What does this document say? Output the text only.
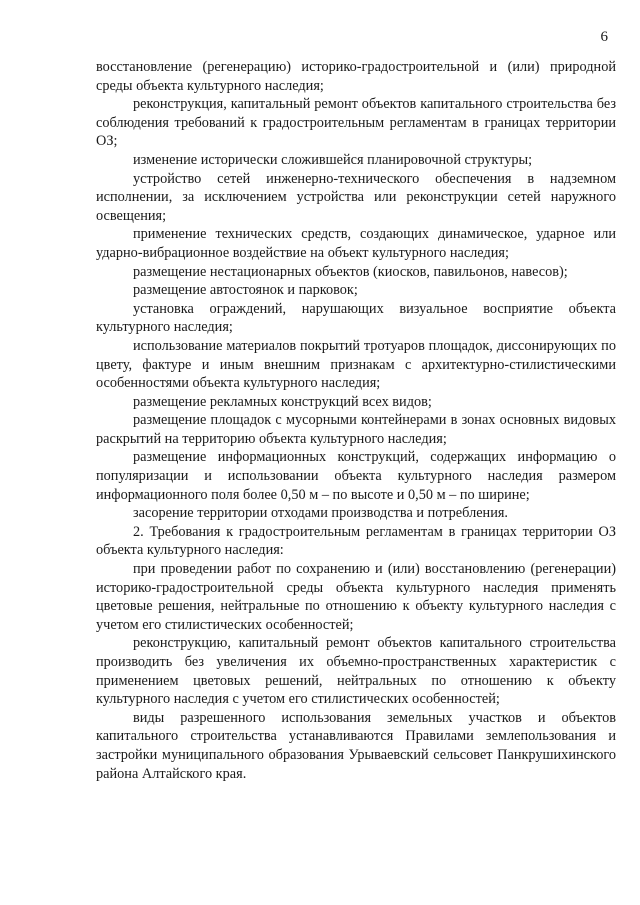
6

восстановление (регенерацию) историко-градостроительной и (или) природной среды объекта культурного наследия;

реконструкция, капитальный ремонт объектов капитального строительства без соблюдения требований к градостроительным регламентам в границах территории ОЗ;

изменение исторически сложившейся планировочной структуры;

устройство сетей инженерно-технического обеспечения в надземном исполнении, за исключением устройства или реконструкции сетей наружного освещения;

применение технических средств, создающих динамическое, ударное или ударно-вибрационное воздействие на объект культурного наследия;

размещение нестационарных объектов (киосков, павильонов, навесов);

размещение автостоянок и парковок;

установка ограждений, нарушающих визуальное восприятие объекта культурного наследия;

использование материалов покрытий тротуаров площадок, диссонирующих по цвету, фактуре и иным внешним признакам с архитектурно-стилистическими особенностями объекта культурного наследия;

размещение рекламных конструкций всех видов;

размещение площадок с мусорными контейнерами в зонах основных видовых раскрытий на территорию объекта культурного наследия;

размещение информационных конструкций, содержащих информацию о популяризации и использовании объекта культурного наследия размером информационного поля более 0,50 м – по высоте и 0,50 м – по ширине;

засорение территории отходами производства и потребления.

2. Требования к градостроительным регламентам в границах территории ОЗ объекта культурного наследия:

при проведении работ по сохранению и (или) восстановлению (регенерации) историко-градостроительной среды объекта культурного наследия применять цветовые решения, нейтральные по отношению к объекту культурного наследия с учетом его стилистических особенностей;

реконструкцию, капитальный ремонт объектов капитального строительства производить без увеличения их объемно-пространственных характеристик с применением цветовых решений, нейтральных по отношению к объекту культурного наследия с учетом его стилистических особенностей;

виды разрешенного использования земельных участков и объектов капитального строительства устанавливаются Правилами землепользования и застройки муниципального образования Урываевский сельсовет Панкрушихинского района Алтайского края.
